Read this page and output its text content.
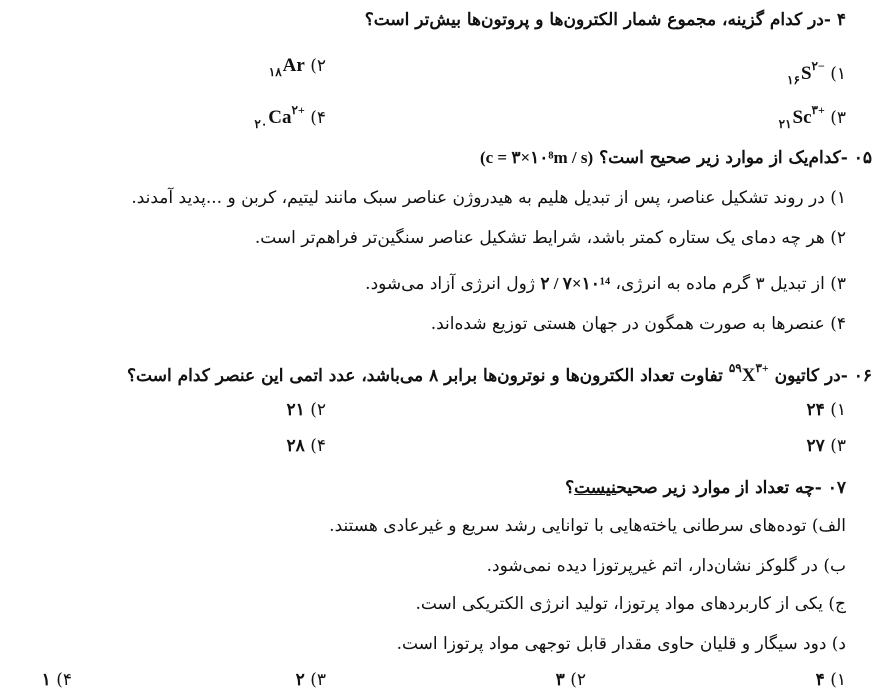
۴ -در کدام گزینه، مجموع شمار الکترون‌ها و پروتون‌ها بیش‌تر است؟
۱) $_{۱۶}S^{۲-}$
۲) $_{۱۸}$Ar
۳) $_{۲۱}Sc^{۳+}$
۴) $_{۲۰}Ca^{۲+}$
۰۵ -کدام‌یک از موارد زیر صحیح است؟ (c = ۳×۱۰⁸m / s)
۱) در روند تشکیل عناصر، پس از تبدیل هلیم به هیدروژن عناصر سبک مانند لیتیم، کربن و ...پدید آمدند.
۲) هر چه دمای یک ستاره کمتر باشد، شرایط تشکیل عناصر سنگین‌تر فراهم‌تر است.
۳) از تبدیل ۳ گرم ماده به انرژی، ۲ / ۷×۱۰¹⁴ ژول انرژی آزاد می‌شود.
۴) عنصرها به صورت همگون در جهان هستی توزیع شده‌اند.
۰۶ -در کاتیون $^{۵۹}X^{۳+}$ تفاوت تعداد الکترون‌ها و نوترون‌ها برابر ۸ می‌باشد، عدد اتمی این عنصر کدام است؟
۱) ۲۴
۲) ۲۱
۳) ۲۷
۴) ۲۸
۰۷ -چه تعداد از موارد زیر صحیحنیست؟
الف) توده‌های سرطانی یاخته‌هایی با توانایی رشد سریع و غیرعادی هستند.
ب) در گلوکز نشان‌دار، اتم غیرپرتوزا دیده نمی‌شود.
ج) یکی از کاربردهای مواد پرتوزا، تولید انرژی الکتریکی است.
د) دود سیگار و قلیان حاوی مقدار قابل توجهی مواد پرتوزا است.
۱) ۴
۲) ۳
۳) ۲
۴) ۱
